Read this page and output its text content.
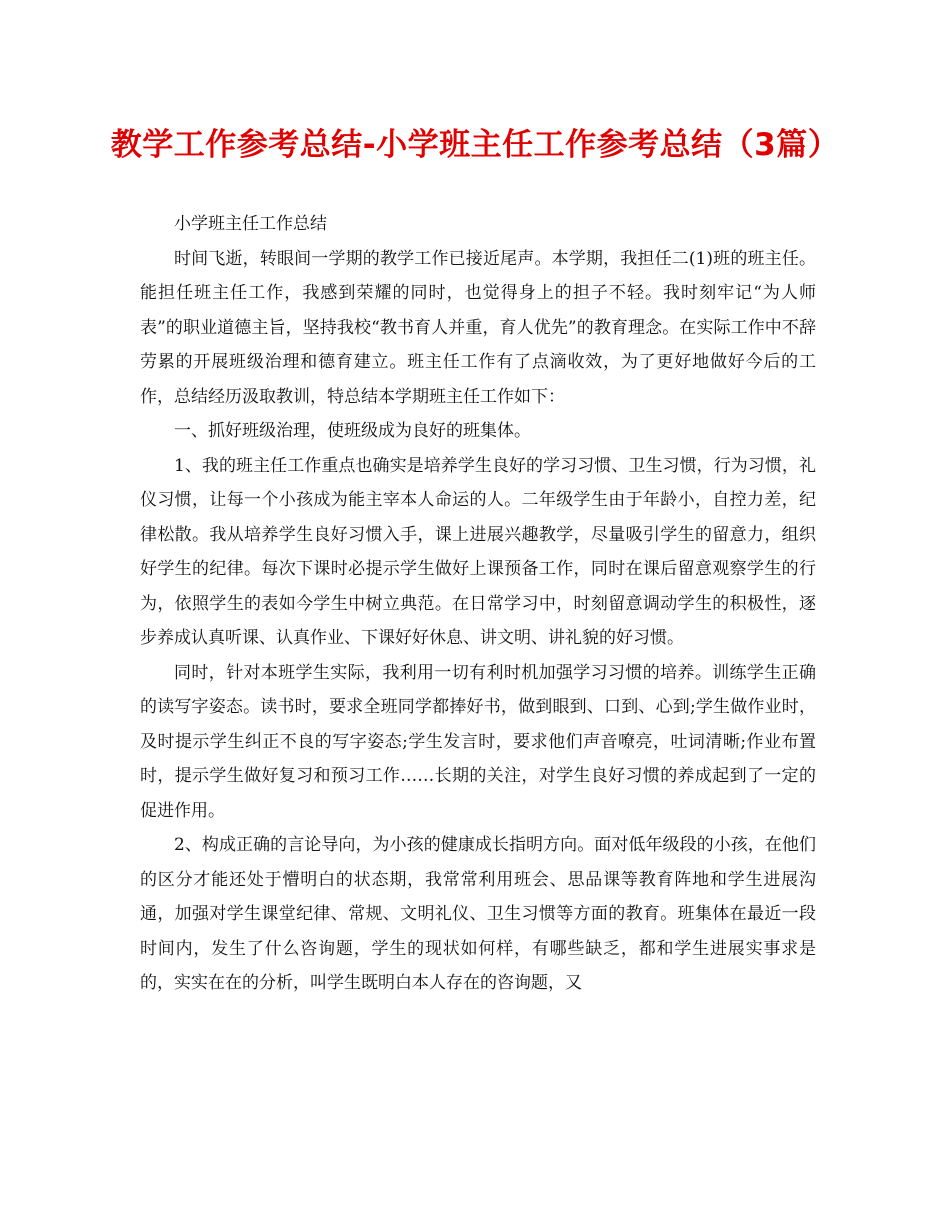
教学工作参考总结-小学班主任工作参考总结（3篇）

小学班主任工作总结

时间飞逝，转眼间一学期的教学工作已接近尾声。本学期，我担任二(1)班的班主任。能担任班主任工作，我感到荣耀的同时，也觉得身上的担子不轻。我时刻牢记“为人师表”的职业道德主旨，坚持我校“教书育人并重，育人优先”的教育理念。在实际工作中不辞劳累的开展班级治理和德育建立。班主任工作有了点滴收效，为了更好地做好今后的工作，总结经历汲取教训，特总结本学期班主任工作如下：

一、抓好班级治理，使班级成为良好的班集体。

1、我的班主任工作重点也确实是培养学生良好的学习习惯、卫生习惯，行为习惯，礼仪习惯，让每一个小孩成为能主宰本人命运的人。二年级学生由于年龄小，自控力差，纪律松散。我从培养学生良好习惯入手，课上进展兴趣教学，尽量吸引学生的留意力，组织好学生的纪律。每次下课时必提示学生做好上课预备工作，同时在课后留意观察学生的行为，依照学生的表如今学生中树立典范。在日常学习中，时刻留意调动学生的积极性，逐步养成认真听课、认真作业、下课好好休息、讲文明、讲礼貌的好习惯。

同时，针对本班学生实际，我利用一切有利时机加强学习习惯的培养。训练学生正确的读写字姿态。读书时，要求全班同学都捧好书，做到眼到、口到、心到;学生做作业时，及时提示学生纠正不良的写字姿态;学生发言时，要求他们声音嘹亮，吐词清晰;作业布置时，提示学生做好复习和预习工作……长期的关注，对学生良好习惯的养成起到了一定的促进作用。

2、构成正确的言论导向，为小孩的健康成长指明方向。面对低年级段的小孩，在他们的区分才能还处于懵明白的状态期，我常常利用班会、思品课等教育阵地和学生进展沟通，加强对学生课堂纪律、常规、文明礼仪、卫生习惯等方面的教育。班集体在最近一段时间内，发生了什么咨询题，学生的现状如何样，有哪些缺乏，都和学生进展实事求是的，实实在在的分析，叫学生既明白本人存在的咨询题，又
